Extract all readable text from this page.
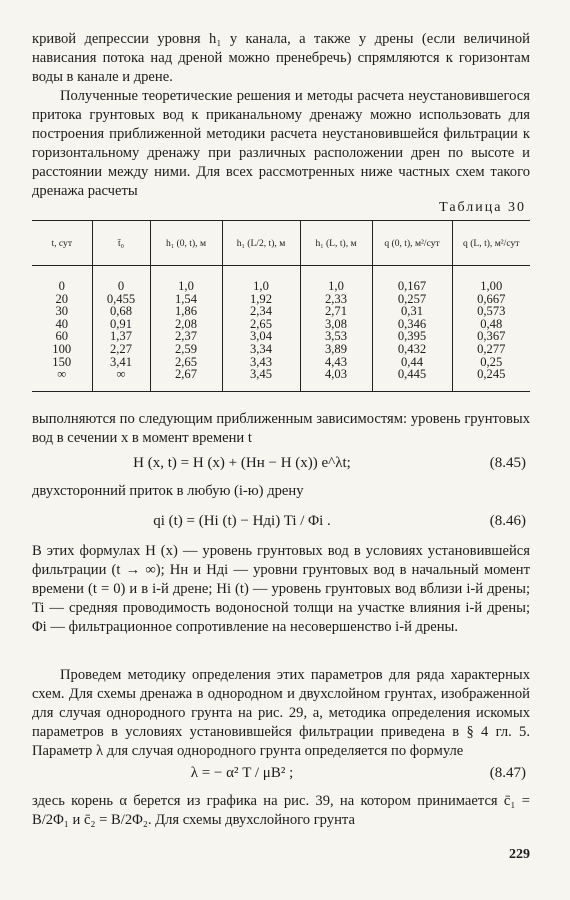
кривой депрессии уровня h₁ у канала, а также у дрены (если величиной нависания потока над дреной можно пренебречь) спрямляются к горизонтам воды в канале и дрене.

Полученные теоретические решения и методы расчета неустановившегося притока грунтовых вод к приканальному дренажу можно использовать для построения приближенной методики расчета неустановившейся фильтрации к горизонтальному дренажу при различных расположении дрен по высоте и расстоянии между ними. Для всех рассмотренных ниже частных схем такого дренажа расчеты

Таблица 30
t, сут	t̄₀	h₁ (0, t), м	h₁ (L/2, t), м	h₁ (L, t), м	q (0, t), м²/сут	q (L, t), м²/сут
0	0	1,0	1,0	1,0	0,167	1,00
20	0,455	1,54	1,92	2,33	0,257	0,667
30	0,68	1,86	2,34	2,71	0,31	0,573
40	0,91	2,08	2,65	3,08	0,346	0,48
60	1,37	2,37	3,04	3,53	0,395	0,367
100	2,27	2,59	3,34	3,89	0,432	0,277
150	3,41	2,65	3,43	4,43	0,44	0,25
∞	∞	2,67	3,45	4,03	0,445	0,245

выполняются по следующим приближенным зависимостям: уровень грунтовых вод в сечении x в момент времени t

H (x, t) = H (x) + (Hн − H (x)) e^λt;	(8.45)

двухсторонний приток в любую (i-ю) дрену

qi (t) = (Hi (t) − Hдi) Ti / Φi .	(8.46)

В этих формулах H (x) — уровень грунтовых вод в условиях установившейся фильтрации (t → ∞); Hн и Hдi — уровни грунтовых вод в начальный момент времени (t = 0) и в i-й дрене; Hi (t) — уровень грунтовых вод вблизи i-й дрены; Ti — средняя проводимость водоносной толщи на участке влияния i-й дрены; Φi — фильтрационное сопротивление на несовершенство i-й дрены.

Проведем методику определения этих параметров для ряда характерных схем. Для схемы дренажа в однородном и двухслойном грунтах, изображенной для случая однородного грунта на рис. 29, а, методика определения искомых параметров в условиях установившейся фильтрации приведена в § 4 гл. 5. Параметр λ для случая однородного грунта определяется по формуле

λ = − α² T / μB² ;	(8.47)

здесь корень α берется из графика на рис. 39, на котором принимается c̄₁ = B/2Φ₁ и c̄₂ = B/2Φ₂. Для схемы двухслойного грунта

229
